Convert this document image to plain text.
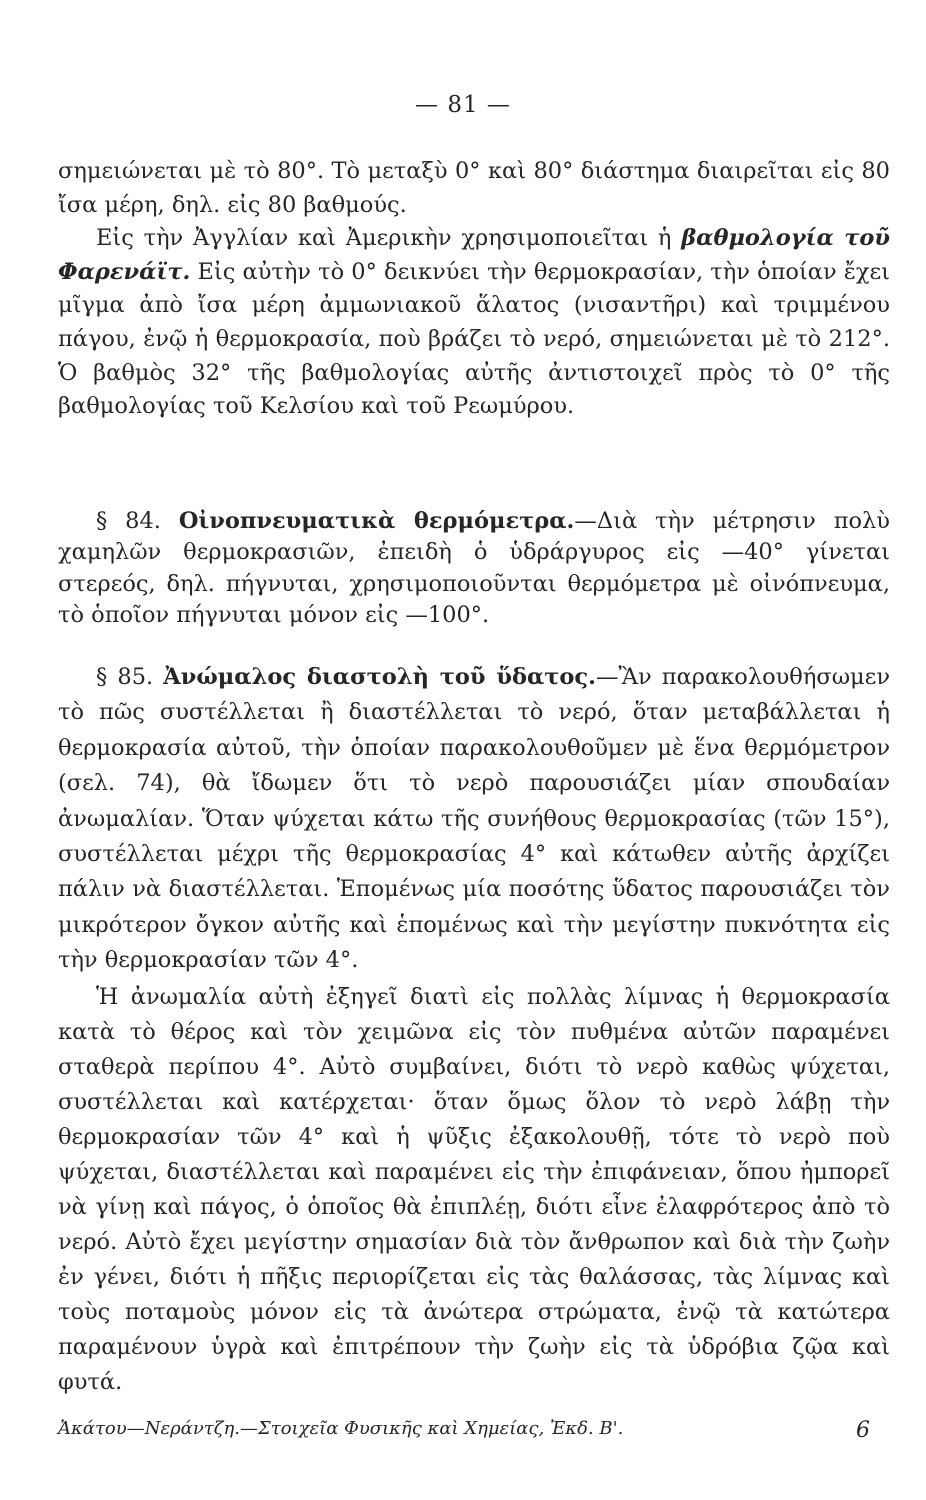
— 81 —

σημειώνεται μὲ τὸ 80°. Τὸ μεταξὺ 0° καὶ 80° διάστημα διαιρεῖται εἰς 80 ἴσα μέρη, δηλ. εἰς 80 βαθμούς.

Εἰς τὴν Ἀγγλίαν καὶ Ἀμερικὴν χρησιμοποιεῖται ἡ βαθμολογία τοῦ Φαρενάϊτ. Εἰς αὐτὴν τὸ 0° δεικνύει τὴν θερμοκρασίαν, τὴν ὁποίαν ἔχει μῖγμα ἀπὸ ἴσα μέρη ἀμμωνιακοῦ ἅλατος (νισαντῆρι) καὶ τριμμένου πάγου, ἐνῷ ἡ θερμοκρασία, ποὺ βράζει τὸ νερό, σημειώνεται μὲ τὸ 212°. Ὁ βαθμὸς 32° τῆς βαθμολογίας αὐτῆς ἀντιστοιχεῖ πρὸς τὸ 0° τῆς βαθμολογίας τοῦ Κελσίου καὶ τοῦ Ρεωμύρου.

§ 84. Οἰνοπνευματικὰ θερμόμετρα.—Διὰ τὴν μέτρησιν πολὺ χαμηλῶν θερμοκρασιῶν, ἐπειδὴ ὁ ὑδράργυρος εἰς —40° γίνεται στερεός, δηλ. πήγνυται, χρησιμοποιοῦνται θερμόμετρα μὲ οἰνόπνευμα, τὸ ὁποῖον πήγνυται μόνον εἰς —100°.

§ 85. Ἀνώμαλος διαστολὴ τοῦ ὕδατος.—Ἂν παρακολουθήσωμεν τὸ πῶς συστέλλεται ἢ διαστέλλεται τὸ νερό, ὅταν μεταβάλλεται ἡ θερμοκρασία αὐτοῦ, τὴν ὁποίαν παρακολουθοῦμεν μὲ ἕνα θερμόμετρον (σελ. 74), θὰ ἴδωμεν ὅτι τὸ νερὸ παρουσιάζει μίαν σπουδαίαν ἀνωμαλίαν. Ὅταν ψύχεται κάτω τῆς συνήθους θερμοκρασίας (τῶν 15°), συστέλλεται μέχρι τῆς θερμοκρασίας 4° καὶ κάτωθεν αὐτῆς ἀρχίζει πάλιν νὰ διαστέλλεται. Ἑπομένως μία ποσότης ὕδατος παρουσιάζει τὸν μικρότερον ὄγκον αὐτῆς καὶ ἑπομένως καὶ τὴν μεγίστην πυκνότητα εἰς τὴν θερμοκρασίαν τῶν 4°.

Ἡ ἀνωμαλία αὐτὴ ἐξηγεῖ διατὶ εἰς πολλὰς λίμνας ἡ θερμοκρασία κατὰ τὸ θέρος καὶ τὸν χειμῶνα εἰς τὸν πυθμένα αὐτῶν παραμένει σταθερὰ περίπου 4°. Αὐτὸ συμβαίνει, διότι τὸ νερὸ καθὼς ψύχεται, συστέλλεται καὶ κατέρχεται· ὅταν ὅμως ὅλον τὸ νερὸ λάβῃ τὴν θερμοκρασίαν τῶν 4° καὶ ἡ ψῦξις ἐξακολουθῇ, τότε τὸ νερὸ ποὺ ψύχεται, διαστέλλεται καὶ παραμένει εἰς τὴν ἐπιφάνειαν, ὅπου ἠμπορεῖ νὰ γίνῃ καὶ πάγος, ὁ ὁποῖος θὰ ἐπιπλέῃ, διότι εἶνε ἐλαφρότερος ἀπὸ τὸ νερό. Αὐτὸ ἔχει μεγίστην σημασίαν διὰ τὸν ἄνθρωπον καὶ διὰ τὴν ζωὴν ἐν γένει, διότι ἡ πῆξις περιορίζεται εἰς τὰς θαλάσσας, τὰς λίμνας καὶ τοὺς ποταμοὺς μόνον εἰς τὰ ἀνώτερα στρώματα, ἐνῷ τὰ κατώτερα παραμένουν ὑγρὰ καὶ ἐπιτρέπουν τὴν ζωὴν εἰς τὰ ὑδρόβια ζῷα καὶ φυτά.

Ἀκάτου—Νεράντζη.—Στοιχεῖα Φυσικῆς καὶ Χημείας, Ἐκδ. Β'.	6
